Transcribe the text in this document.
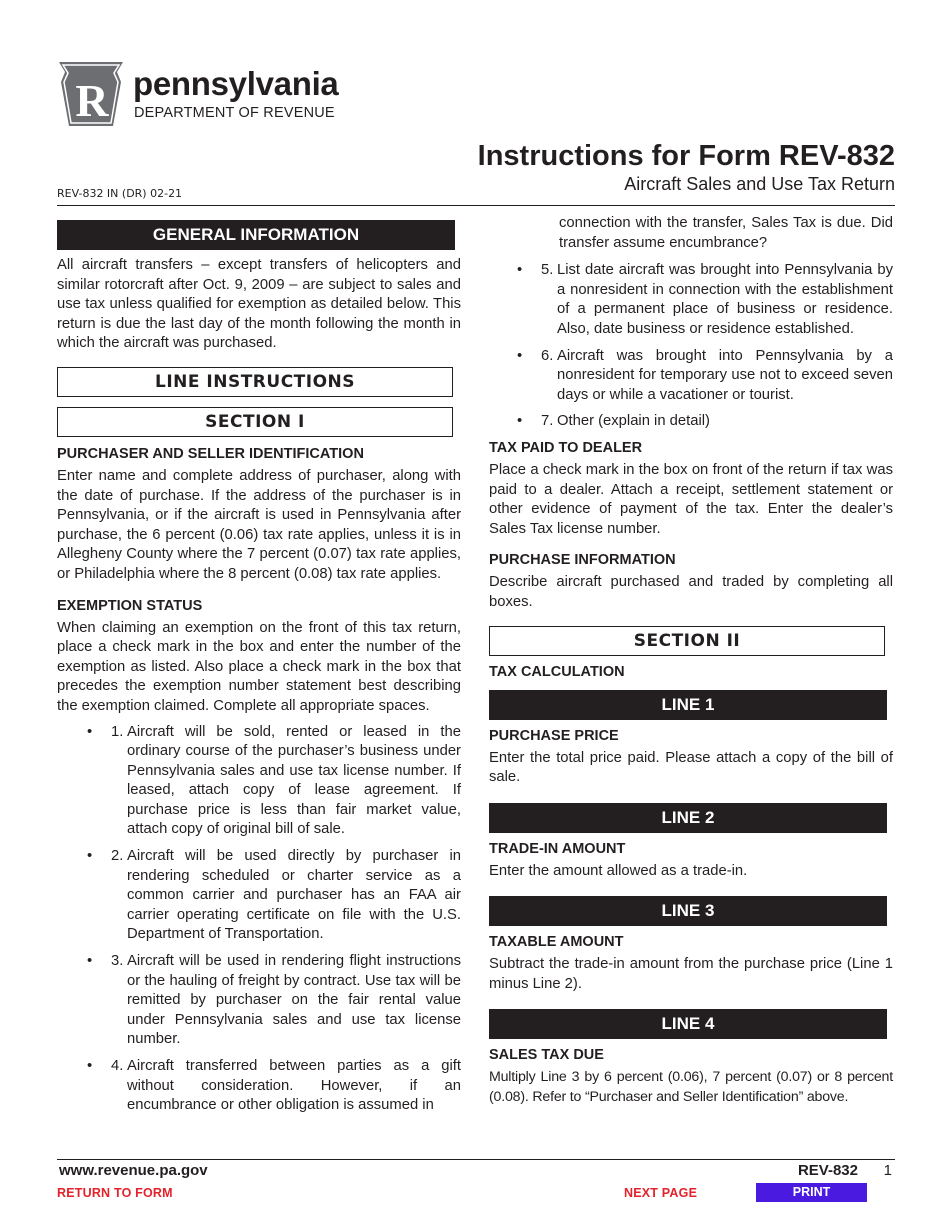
R pennsylvania
DEPARTMENT OF REVENUE
Instructions for Form REV-832
Aircraft Sales and Use Tax Return
REV-832 IN (DR) 02-21
GENERAL INFORMATION

All aircraft transfers – except transfers of helicopters and similar rotorcraft after Oct. 9, 2009 – are subject to sales and use tax unless qualified for exemption as detailed below. This return is due the last day of the month following the month in which the aircraft was purchased.

LINE INSTRUCTIONS
SECTION I
PURCHASER AND SELLER IDENTIFICATION

Enter name and complete address of purchaser, along with the date of purchase. If the address of the purchaser is in Pennsylvania, or if the aircraft is used in Pennsylvania after purchase, the 6 percent (0.06) tax rate applies, unless it is in Allegheny County where the 7 percent (0.07) tax rate applies, or Philadelphia where the 8 percent (0.08) tax rate applies.

EXEMPTION STATUS

When claiming an exemption on the front of this tax return, place a check mark in the box and enter the number of the exemption as listed. Also place a check mark in the box that precedes the exemption number statement best describing the exemption claimed. Complete all appropriate spaces.

• 1. Aircraft will be sold, rented or leased in the ordinary course of the purchaser’s business under Pennsylvania sales and use tax license number. If leased, attach copy of lease agreement. If purchase price is less than fair market value, attach copy of original bill of sale.
• 2. Aircraft will be used directly by purchaser in rendering scheduled or charter service as a common carrier and purchaser has an FAA air carrier operating certificate on file with the U.S. Department of Transportation.
• 3. Aircraft will be used in rendering flight instructions or the hauling of freight by contract. Use tax will be remitted by purchaser on the fair rental value under Pennsylvania sales and use tax license number.
• 4. Aircraft transferred between parties as a gift without consideration. However, if an encumbrance or other obligation is assumed in

connection with the transfer, Sales Tax is due. Did transfer assume encumbrance?

• 5. List date aircraft was brought into Pennsylvania by a nonresident in connection with the establishment of a permanent place of business or residence. Also, date business or residence established.
• 6. Aircraft was brought into Pennsylvania by a nonresident for temporary use not to exceed seven days or while a vacationer or tourist.
• 7. Other (explain in detail)
TAX PAID TO DEALER

Place a check mark in the box on front of the return if tax was paid to a dealer. Attach a receipt, settlement statement or other evidence of payment of the tax. Enter the dealer’s Sales Tax license number.

PURCHASE INFORMATION

Describe aircraft purchased and traded by completing all boxes.

SECTION II
TAX CALCULATION
LINE 1
PURCHASE PRICE

Enter the total price paid. Please attach a copy of the bill of sale.

LINE 2
TRADE-IN AMOUNT

Enter the amount allowed as a trade-in.

LINE 3
TAXABLE AMOUNT

Subtract the trade-in amount from the purchase price (Line 1 minus Line 2).

LINE 4
SALES TAX DUE

Multiply Line 3 by 6 percent (0.06), 7 percent (0.07) or 8 percent (0.08). Refer to “Purchaser and Seller Identification” above.

www.revenue.pa.gov	REV-832 1
RETURN TO FORM	NEXT PAGE	PRINT
